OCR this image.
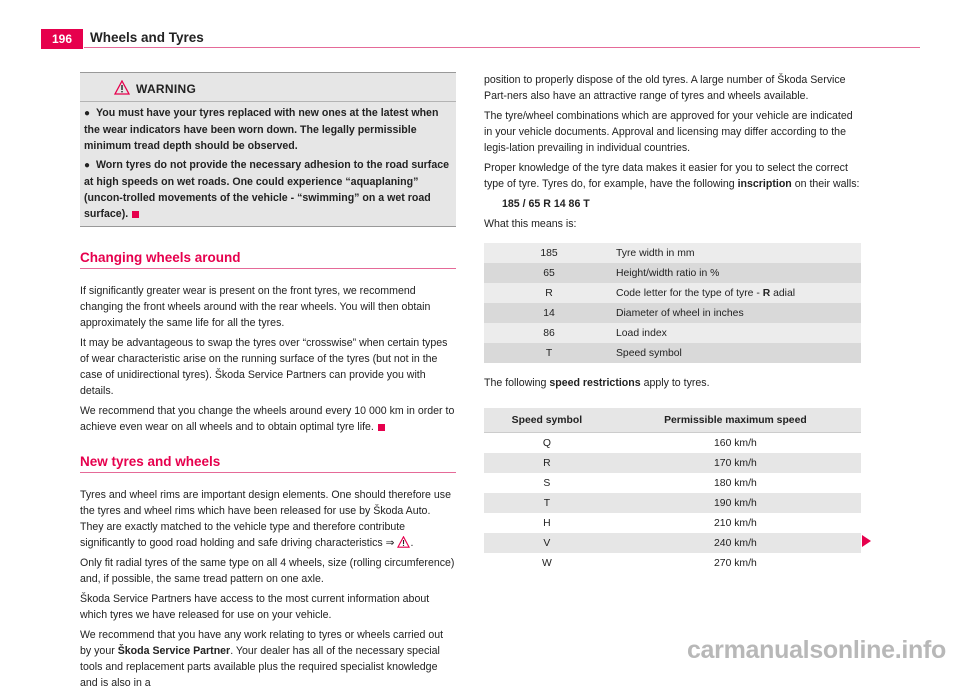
196	Wheels and Tyres
WARNING
● You must have your tyres replaced with new ones at the latest when the wear indicators have been worn down. The legally permissible minimum tread depth should be observed.
● Worn tyres do not provide the necessary adhesion to the road surface at high speeds on wet roads. One could experience “aquaplaning” (uncon-trolled movements of the vehicle - “swimming” on a wet road surface).
Changing wheels around

If significantly greater wear is present on the front tyres, we recommend changing the front wheels around with the rear wheels. You will then obtain approximately the same life for all the tyres.

It may be advantageous to swap the tyres over “crosswise” when certain types of wear characteristic arise on the running surface of the tyres (but not in the case of unidirectional tyres). Škoda Service Partners can provide you with details.

We recommend that you change the wheels around every 10 000 km in order to achieve even wear on all wheels and to obtain optimal tyre life.

New tyres and wheels

Tyres and wheel rims are important design elements. One should therefore use the tyres and wheel rims which have been released for use by Škoda Auto. They are exactly matched to the vehicle type and therefore contribute significantly to good road holding and safe driving characteristics ⇒ .

Only fit radial tyres of the same type on all 4 wheels, size (rolling circumference) and, if possible, the same tread pattern on one axle.

Škoda Service Partners have access to the most current information about which tyres we have released for use on your vehicle.

We recommend that you have any work relating to tyres or wheels carried out by your Škoda Service Partner. Your dealer has all of the necessary special tools and replacement parts available plus the required specialist knowledge and is also in a

position to properly dispose of the old tyres. A large number of Škoda Service Part-ners also have an attractive range of tyres and wheels available.

The tyre/wheel combinations which are approved for your vehicle are indicated in your vehicle documents. Approval and licensing may differ according to the legis-lation prevailing in individual countries.

Proper knowledge of the tyre data makes it easier for you to select the correct type of tyre. Tyres do, for example, have the following inscription on their walls:

185 / 65 R 14 86 T

What this means is:

185	Tyre width in mm
65	Height/width ratio in %
R	Code letter for the type of tyre - R adial
14	Diameter of wheel in inches
86	Load index
T	Speed symbol

The following speed restrictions apply to tyres.

Speed symbol	Permissible maximum speed
Q	160 km/h
R	170 km/h
S	180 km/h
T	190 km/h
H	210 km/h
V	240 km/h
W	270 km/h
carmanualsonline.info
